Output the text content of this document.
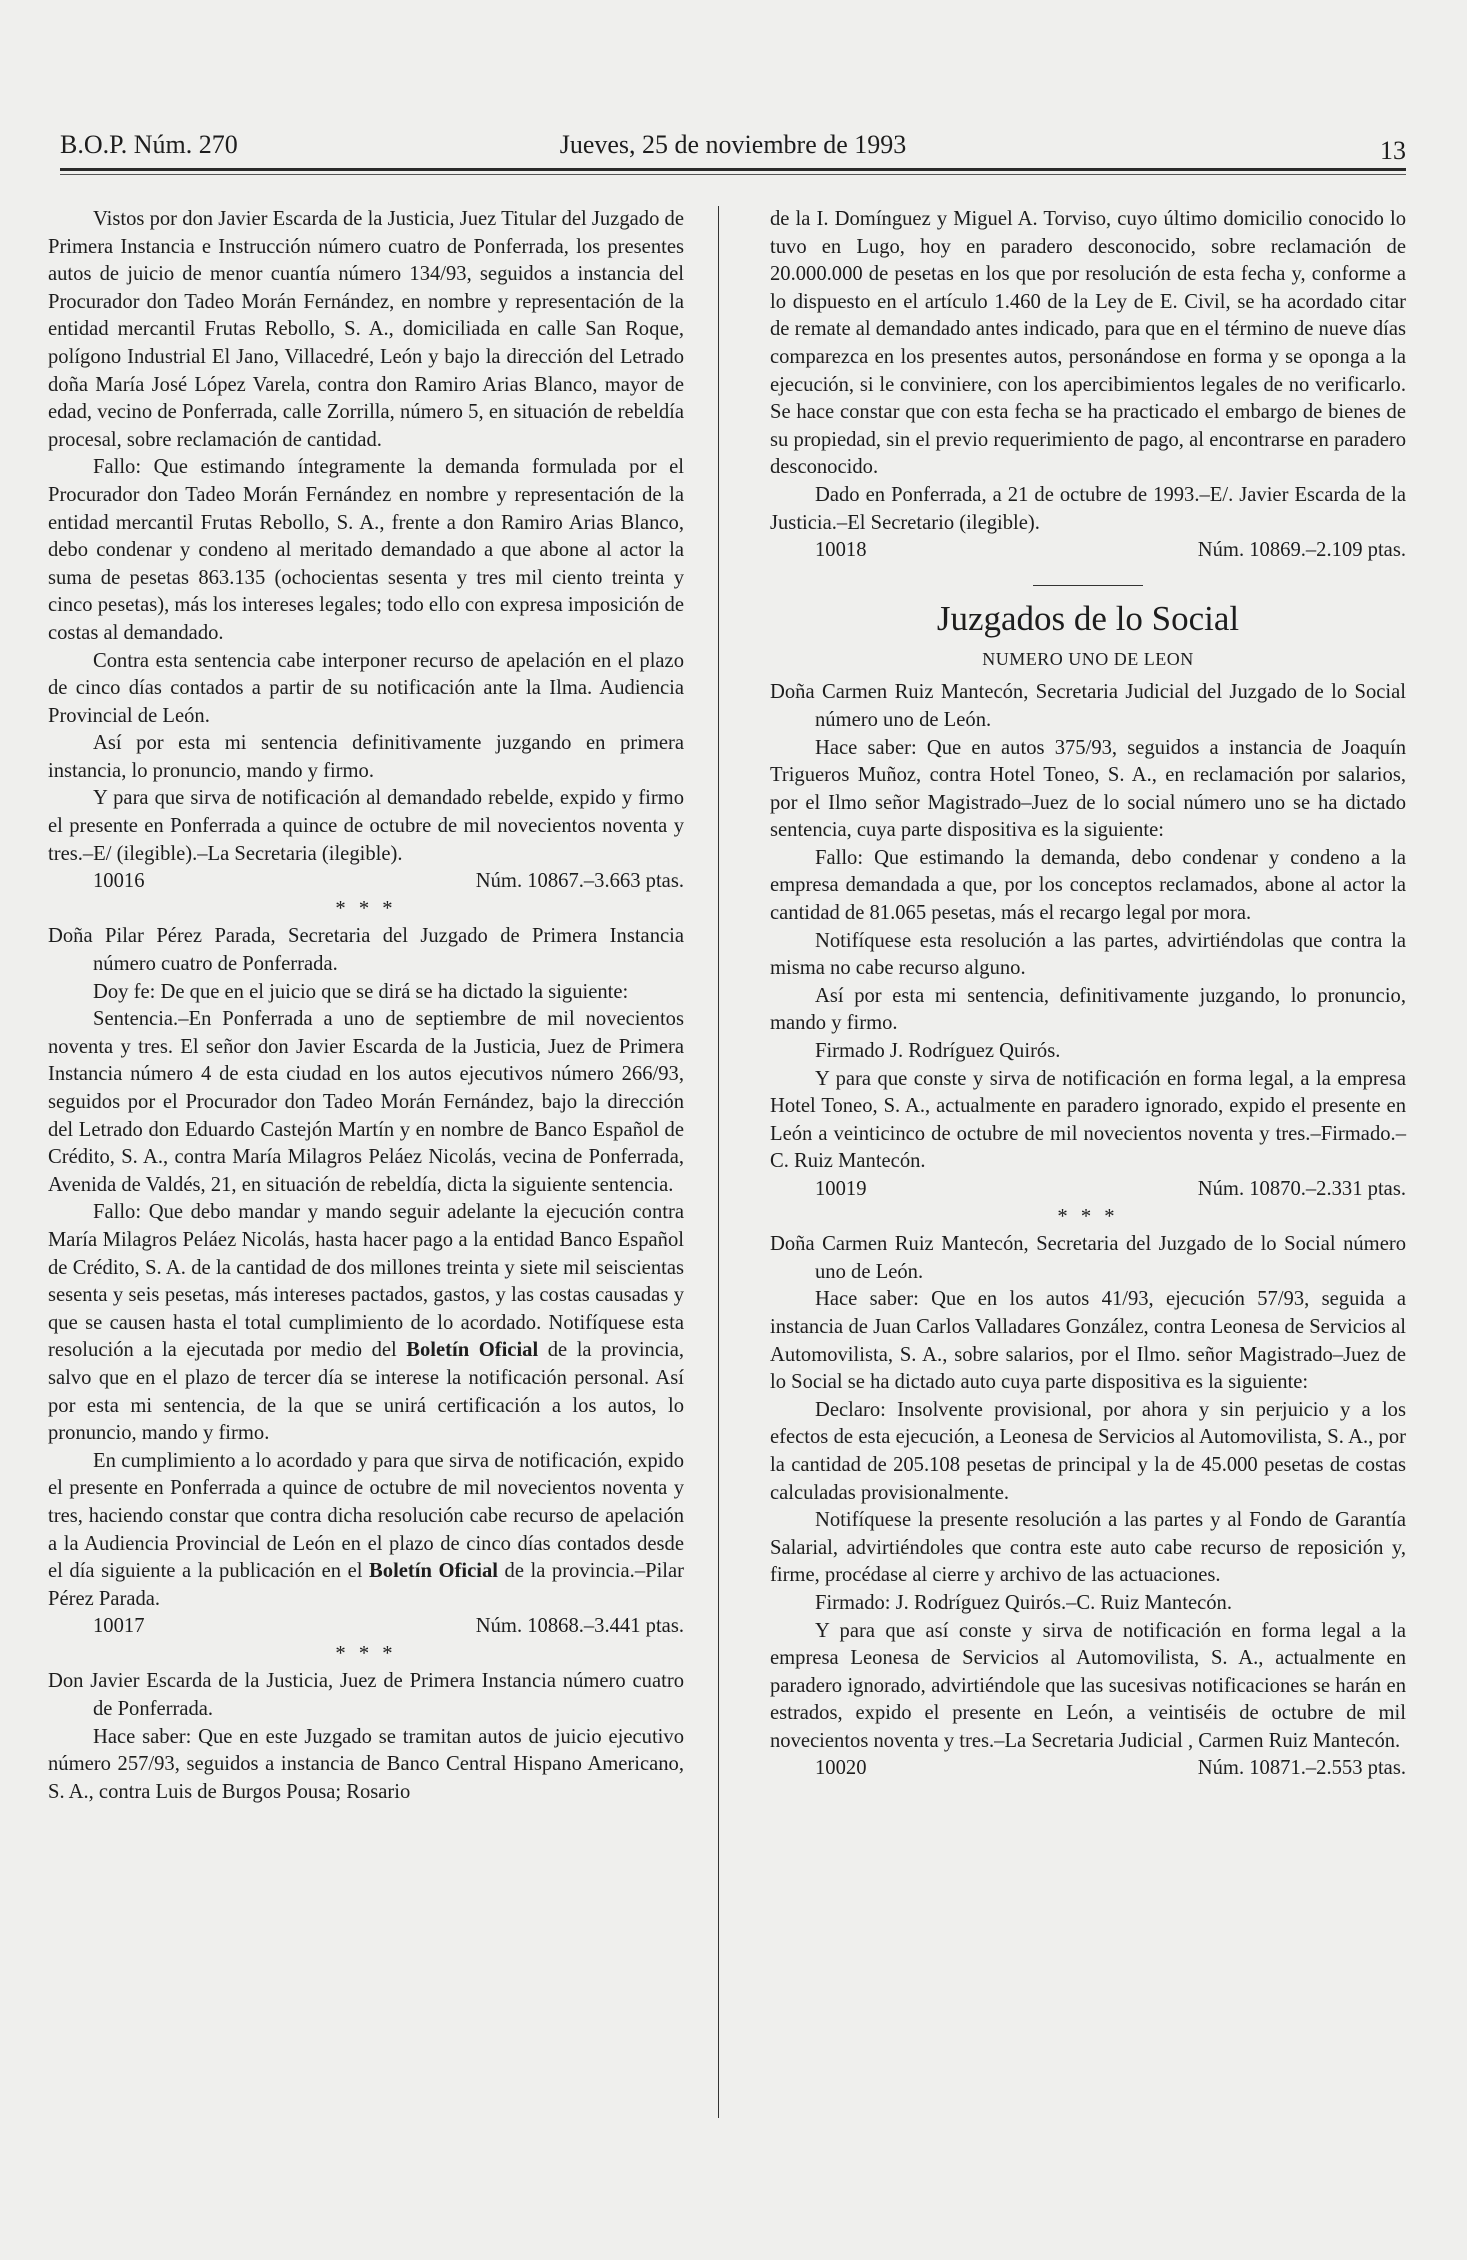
B.O.P. Núm. 270	Jueves, 25 de noviembre de 1993	13

Vistos por don Javier Escarda de la Justicia, Juez Titular del Juzgado de Primera Instancia e Instrucción número cuatro de Ponferrada, los presentes autos de juicio de menor cuantía número 134/93, seguidos a instancia del Procurador don Tadeo Morán Fernández, en nombre y representación de la entidad mercantil Frutas Rebollo, S. A., domiciliada en calle San Roque, polígono Industrial El Jano, Villacedré, León y bajo la dirección del Letrado doña María José López Varela, contra don Ramiro Arias Blanco, mayor de edad, vecino de Ponferrada, calle Zorrilla, número 5, en situación de rebeldía procesal, sobre reclamación de cantidad.

Fallo: Que estimando íntegramente la demanda formulada por el Procurador don Tadeo Morán Fernández en nombre y representación de la entidad mercantil Frutas Rebollo, S. A., frente a don Ramiro Arias Blanco, debo condenar y condeno al meritado demandado a que abone al actor la suma de pesetas 863.135 (ochocientas sesenta y tres mil ciento treinta y cinco pesetas), más los intereses legales; todo ello con expresa imposición de costas al demandado.

Contra esta sentencia cabe interponer recurso de apelación en el plazo de cinco días contados a partir de su notificación ante la Ilma. Audiencia Provincial de León.

Así por esta mi sentencia definitivamente juzgando en primera instancia, lo pronuncio, mando y firmo.

Y para que sirva de notificación al demandado rebelde, expido y firmo el presente en Ponferrada a quince de octubre de mil novecientos noventa y tres.–E/ (ilegible).–La Secretaria (ilegible).

10016	Núm. 10867.–3.663 ptas.
* * *

Doña Pilar Pérez Parada, Secretaria del Juzgado de Primera Instancia número cuatro de Ponferrada.

Doy fe: De que en el juicio que se dirá se ha dictado la siguiente:

Sentencia.–En Ponferrada a uno de septiembre de mil novecientos noventa y tres. El señor don Javier Escarda de la Justicia, Juez de Primera Instancia número 4 de esta ciudad en los autos ejecutivos número 266/93, seguidos por el Procurador don Tadeo Morán Fernández, bajo la dirección del Letrado don Eduardo Castejón Martín y en nombre de Banco Español de Crédito, S. A., contra María Milagros Peláez Nicolás, vecina de Ponferrada, Avenida de Valdés, 21, en situación de rebeldía, dicta la siguiente sentencia.

Fallo: Que debo mandar y mando seguir adelante la ejecución contra María Milagros Peláez Nicolás, hasta hacer pago a la entidad Banco Español de Crédito, S. A. de la cantidad de dos millones treinta y siete mil seiscientas sesenta y seis pesetas, más intereses pactados, gastos, y las costas causadas y que se causen hasta el total cumplimiento de lo acordado. Notifíquese esta resolución a la ejecutada por medio del Boletín Oficial de la provincia, salvo que en el plazo de tercer día se interese la notificación personal. Así por esta mi sentencia, de la que se unirá certificación a los autos, lo pronuncio, mando y firmo.

En cumplimiento a lo acordado y para que sirva de notificación, expido el presente en Ponferrada a quince de octubre de mil novecientos noventa y tres, haciendo constar que contra dicha resolución cabe recurso de apelación a la Audiencia Provincial de León en el plazo de cinco días contados desde el día siguiente a la publicación en el Boletín Oficial de la provincia.–Pilar Pérez Parada.

10017	Núm. 10868.–3.441 ptas.
* * *

Don Javier Escarda de la Justicia, Juez de Primera Instancia número cuatro de Ponferrada.

Hace saber: Que en este Juzgado se tramitan autos de juicio ejecutivo número 257/93, seguidos a instancia de Banco Central Hispano Americano, S. A., contra Luis de Burgos Pousa; Rosario

de la I. Domínguez y Miguel A. Torviso, cuyo último domicilio conocido lo tuvo en Lugo, hoy en paradero desconocido, sobre reclamación de 20.000.000 de pesetas en los que por resolución de esta fecha y, conforme a lo dispuesto en el artículo 1.460 de la Ley de E. Civil, se ha acordado citar de remate al demandado antes indicado, para que en el término de nueve días comparezca en los presentes autos, personándose en forma y se oponga a la ejecución, si le conviniere, con los apercibimientos legales de no verificarlo. Se hace constar que con esta fecha se ha practicado el embargo de bienes de su propiedad, sin el previo requerimiento de pago, al encontrarse en paradero desconocido.

Dado en Ponferrada, a 21 de octubre de 1993.–E/. Javier Escarda de la Justicia.–El Secretario (ilegible).

10018	Núm. 10869.–2.109 ptas.
Juzgados de lo Social
NUMERO UNO DE LEON

Doña Carmen Ruiz Mantecón, Secretaria Judicial del Juzgado de lo Social número uno de León.

Hace saber: Que en autos 375/93, seguidos a instancia de Joaquín Trigueros Muñoz, contra Hotel Toneo, S. A., en reclamación por salarios, por el Ilmo señor Magistrado–Juez de lo social número uno se ha dictado sentencia, cuya parte dispositiva es la siguiente:

Fallo: Que estimando la demanda, debo condenar y condeno a la empresa demandada a que, por los conceptos reclamados, abone al actor la cantidad de 81.065 pesetas, más el recargo legal por mora.

Notifíquese esta resolución a las partes, advirtiéndolas que contra la misma no cabe recurso alguno.

Así por esta mi sentencia, definitivamente juzgando, lo pronuncio, mando y firmo.

Firmado J. Rodríguez Quirós.

Y para que conste y sirva de notificación en forma legal, a la empresa Hotel Toneo, S. A., actualmente en paradero ignorado, expido el presente en León a veinticinco de octubre de mil novecientos noventa y tres.–Firmado.–C. Ruiz Mantecón.

10019	Núm. 10870.–2.331 ptas.
* * *

Doña Carmen Ruiz Mantecón, Secretaria del Juzgado de lo Social número uno de León.

Hace saber: Que en los autos 41/93, ejecución 57/93, seguida a instancia de Juan Carlos Valladares González, contra Leonesa de Servicios al Automovilista, S. A., sobre salarios, por el Ilmo. señor Magistrado–Juez de lo Social se ha dictado auto cuya parte dispositiva es la siguiente:

Declaro: Insolvente provisional, por ahora y sin perjuicio y a los efectos de esta ejecución, a Leonesa de Servicios al Automovilista, S. A., por la cantidad de 205.108 pesetas de principal y la de 45.000 pesetas de costas calculadas provisionalmente.

Notifíquese la presente resolución a las partes y al Fondo de Garantía Salarial, advirtiéndoles que contra este auto cabe recurso de reposición y, firme, procédase al cierre y archivo de las actuaciones.

Firmado: J. Rodríguez Quirós.–C. Ruiz Mantecón.

Y para que así conste y sirva de notificación en forma legal a la empresa Leonesa de Servicios al Automovilista, S. A., actualmente en paradero ignorado, advirtiéndole que las sucesivas notificaciones se harán en estrados, expido el presente en León, a veintiséis de octubre de mil novecientos noventa y tres.–La Secretaria Judicial , Carmen Ruiz Mantecón.

10020	Núm. 10871.–2.553 ptas.
